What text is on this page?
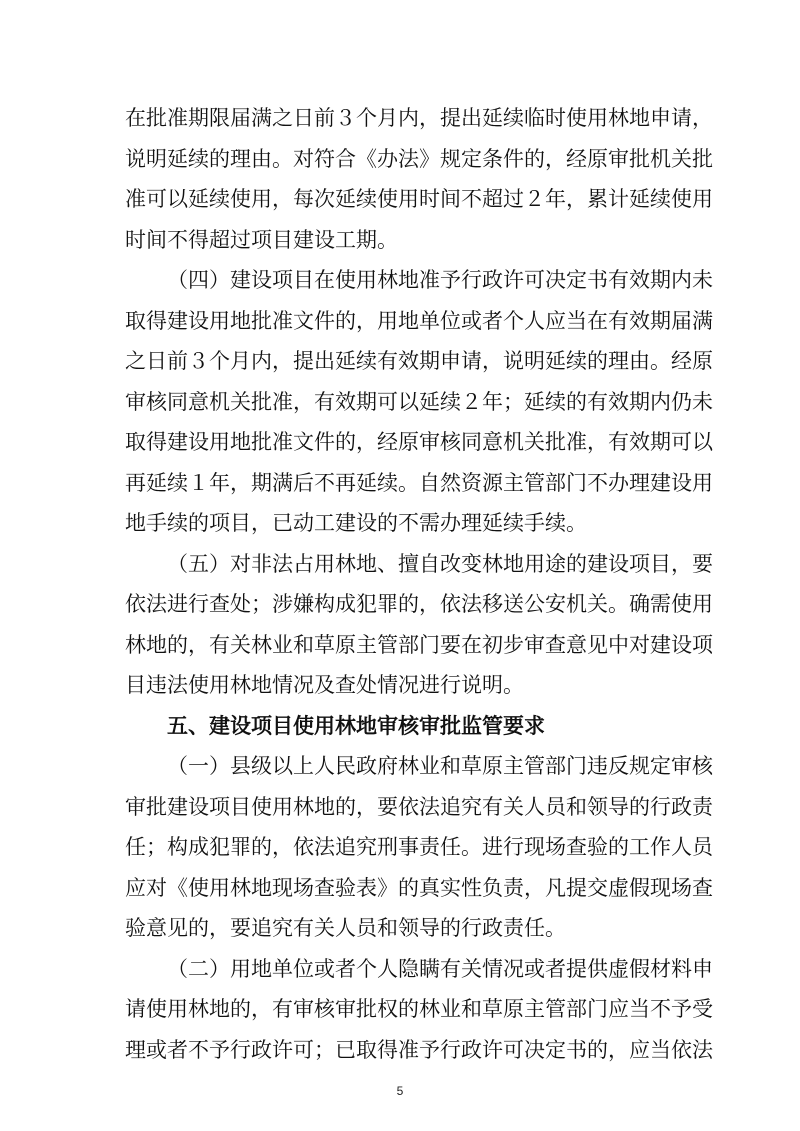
在批准期限届满之日前３个月内，提出延续临时使用林地申请，
说明延续的理由。对符合《办法》规定条件的，经原审批机关批
准可以延续使用，每次延续使用时间不超过２年，累计延续使用
时间不得超过项目建设工期。
（四）建设项目在使用林地准予行政许可决定书有效期内未
取得建设用地批准文件的，用地单位或者个人应当在有效期届满
之日前３个月内，提出延续有效期申请，说明延续的理由。经原
审核同意机关批准，有效期可以延续２年；延续的有效期内仍未
取得建设用地批准文件的，经原审核同意机关批准，有效期可以
再延续１年，期满后不再延续。自然资源主管部门不办理建设用
地手续的项目，已动工建设的不需办理延续手续。
（五）对非法占用林地、擅自改变林地用途的建设项目，要
依法进行查处；涉嫌构成犯罪的，依法移送公安机关。确需使用
林地的，有关林业和草原主管部门要在初步审查意见中对建设项
目违法使用林地情况及查处情况进行说明。
五、建设项目使用林地审核审批监管要求
（一）县级以上人民政府林业和草原主管部门违反规定审核
审批建设项目使用林地的，要依法追究有关人员和领导的行政责
任；构成犯罪的，依法追究刑事责任。进行现场查验的工作人员
应对《使用林地现场查验表》的真实性负责，凡提交虚假现场查
验意见的，要追究有关人员和领导的行政责任。
（二）用地单位或者个人隐瞒有关情况或者提供虚假材料申
请使用林地的，有审核审批权的林业和草原主管部门应当不予受
理或者不予行政许可；已取得准予行政许可决定书的，应当依法
5
